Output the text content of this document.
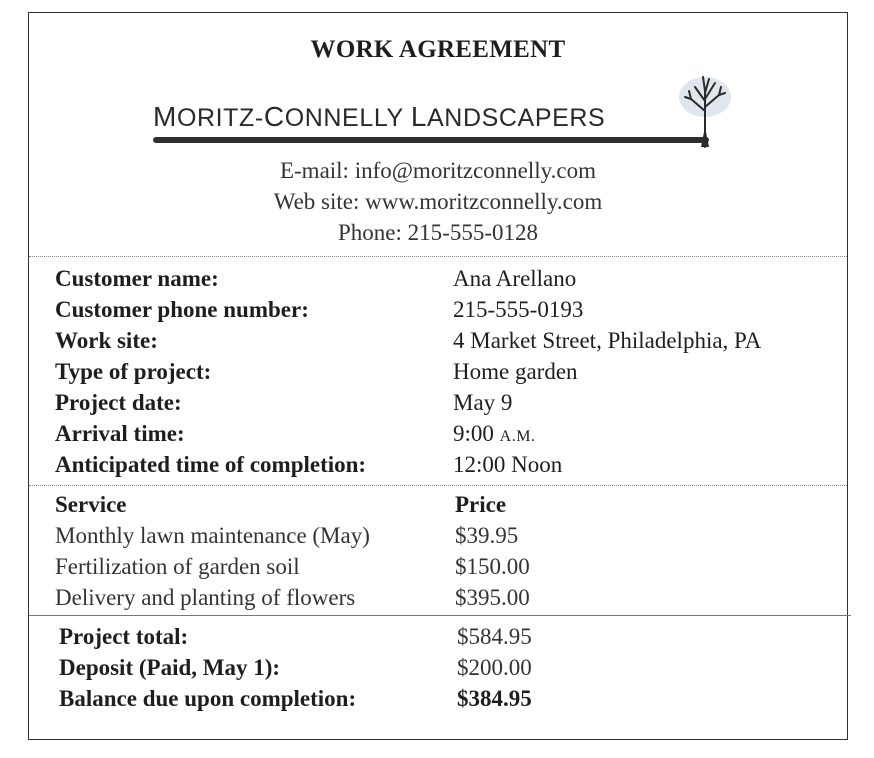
WORK AGREEMENT
MORITZ-CONNELLY LANDSCAPERS
E-mail: info@moritzconnelly.com
Web site: www.moritzconnelly.com
Phone: 215-555-0128
Customer name:	Ana Arellano
Customer phone number:	215-555-0193
Work site:	4 Market Street, Philadelphia, PA
Type of project:	Home garden
Project date:	May 9
Arrival time:	9:00 A.M.
Anticipated time of completion:	12:00 Noon
Service	Price
Monthly lawn maintenance (May)	$39.95
Fertilization of garden soil	$150.00
Delivery and planting of flowers	$395.00
Project total:	$584.95
Deposit (Paid, May 1):	$200.00
Balance due upon completion:	$384.95
